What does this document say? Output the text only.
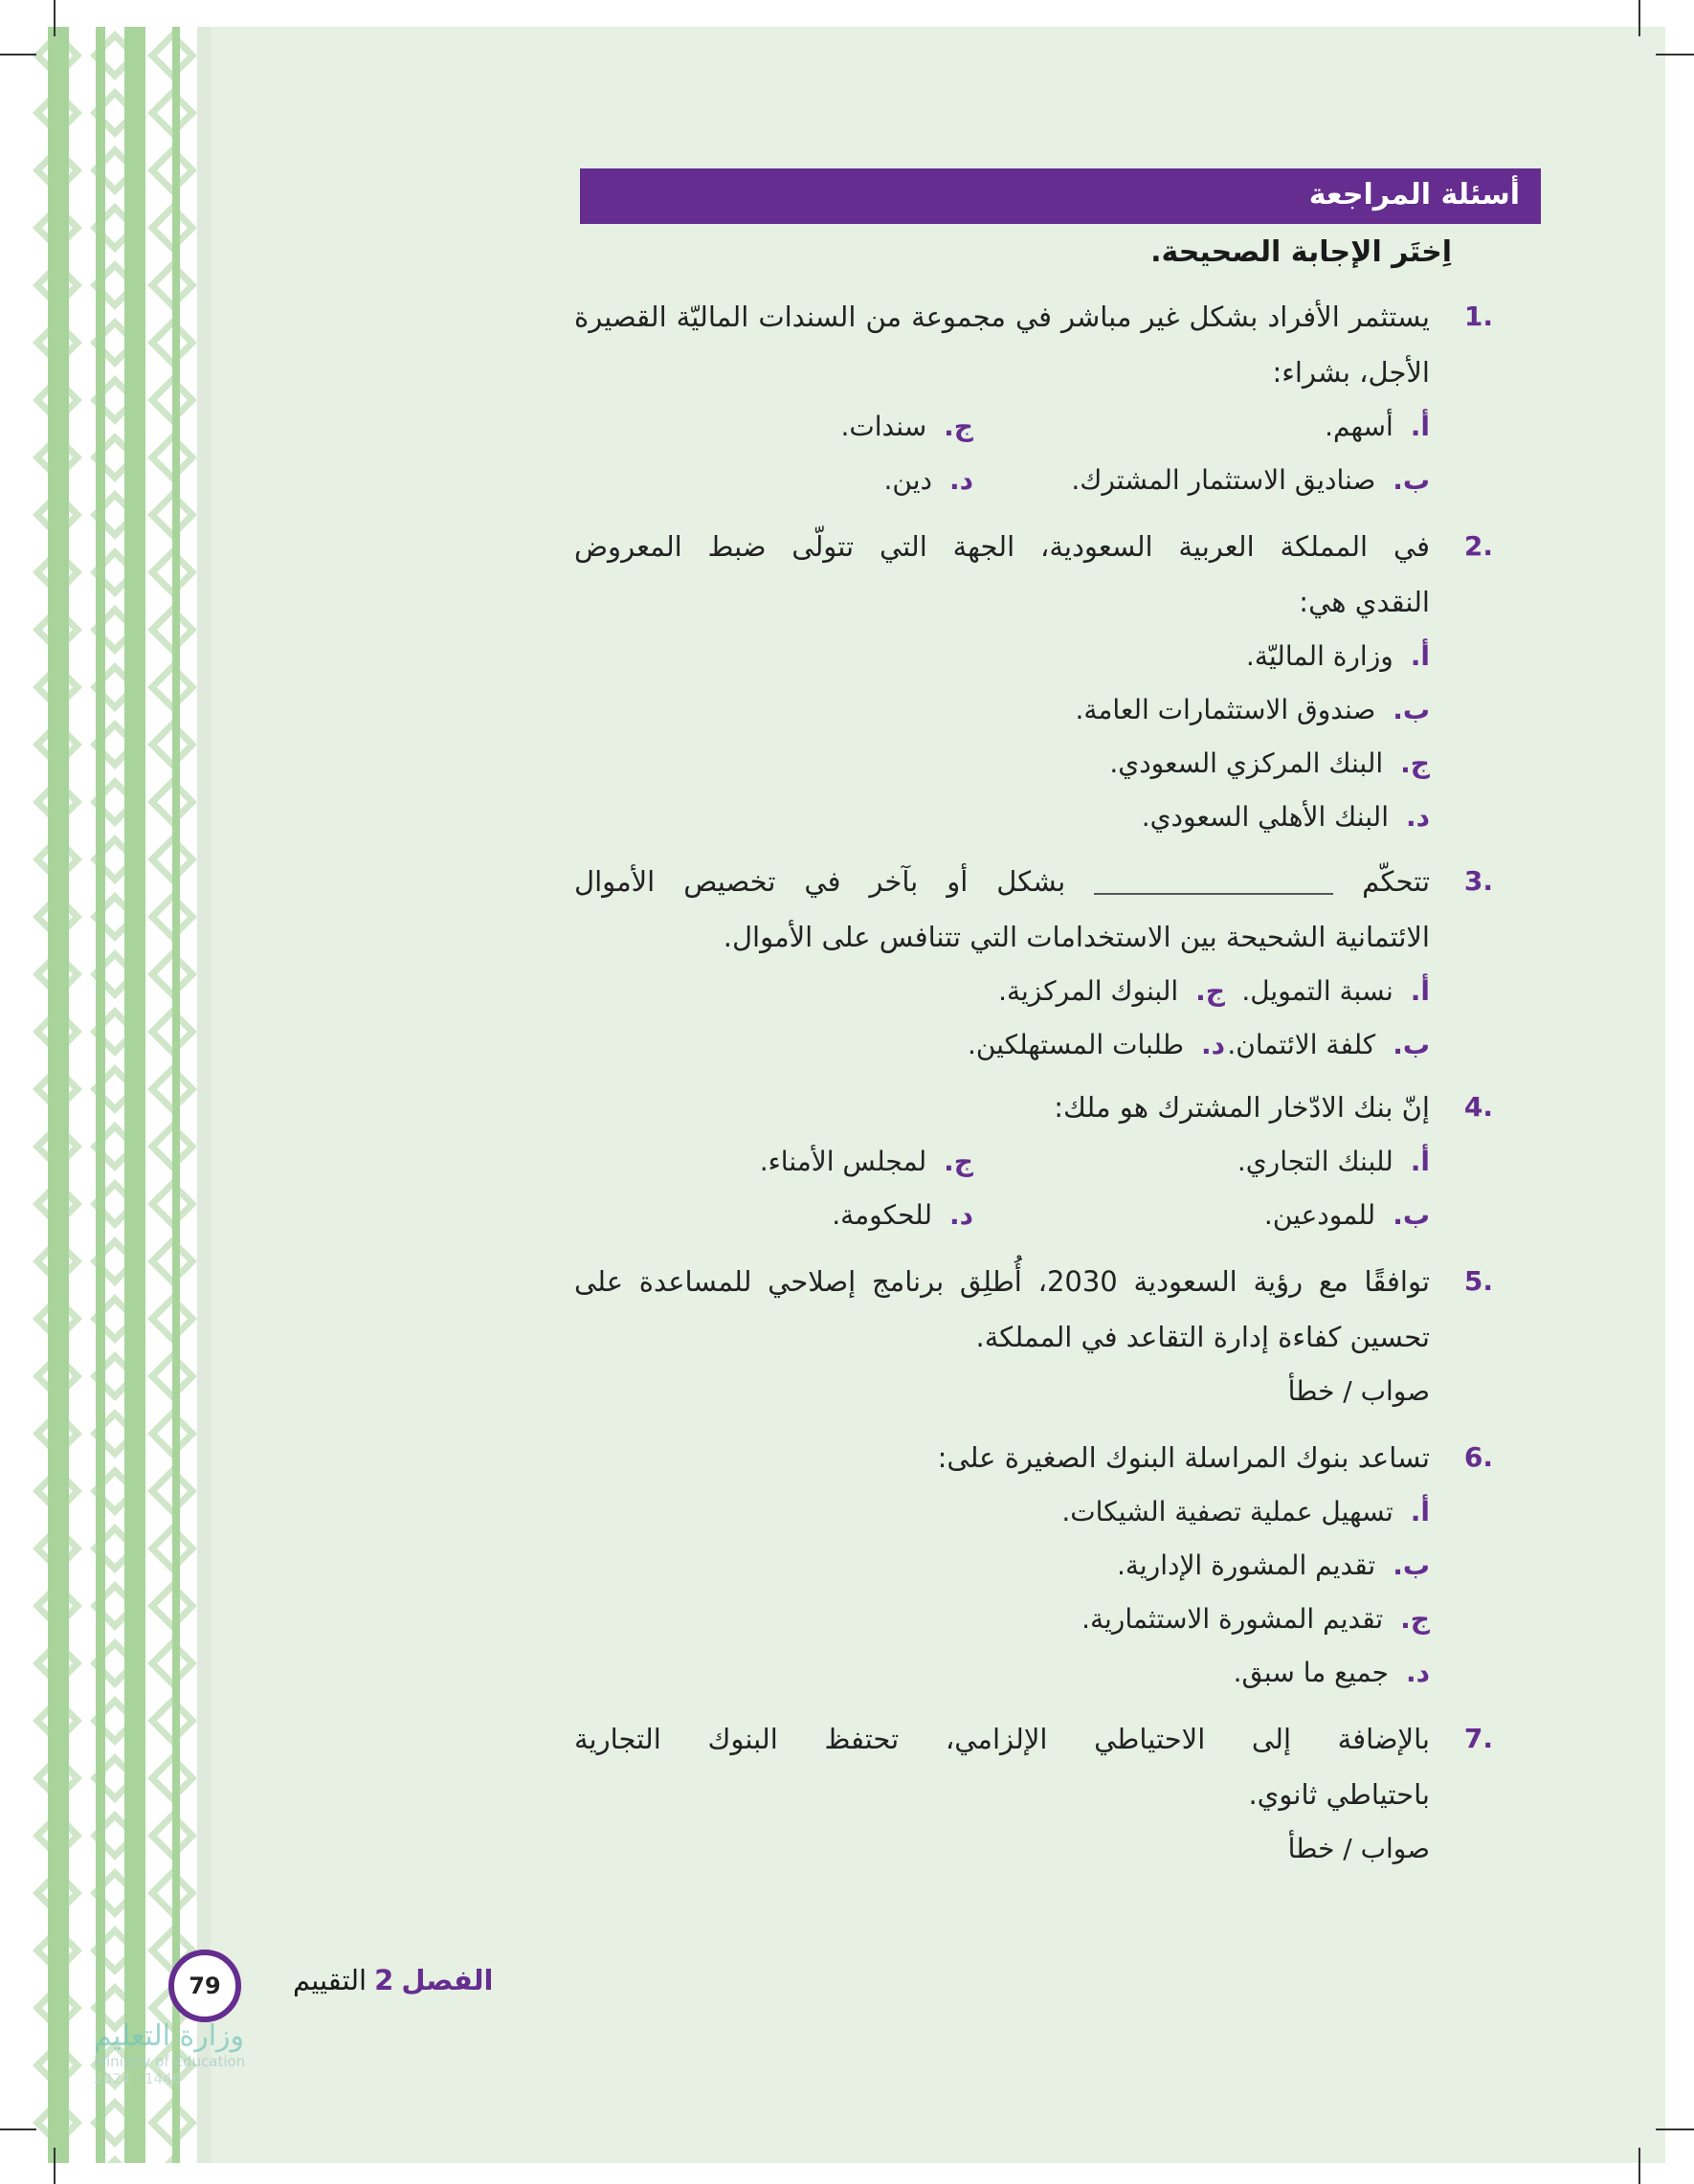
أسئلة المراجعة
اِختَر الإجابة الصحيحة.
.1
يستثمر الأفراد بشكل غير مباشر في مجموعة من السندات الماليّة القصيرة
الأجل، بشراء:
أ.أسهم.
ج.سندات.
ب.صناديق الاستثمار المشترك.
د.دين.
.2
في المملكة العربية السعودية، الجهة التي تتولّى ضبط المعروض
النقدي هي:
أ.وزارة الماليّة.
ب.صندوق الاستثمارات العامة.
ج.البنك المركزي السعودي.
د.البنك الأهلي السعودي.
.3
تتحكّم  بشكل أو بآخر في تخصيص الأموال
الائتمانية الشحيحة بين الاستخدامات التي تتنافس على الأموال.
أ.نسبة التمويل.
ج.البنوك المركزية.
ب.كلفة الائتمان.
د.طلبات المستهلكين.
.4
إنّ بنك الادّخار المشترك هو ملك:
أ.للبنك التجاري.
ج.لمجلس الأمناء.
ب.للمودعين.
د.للحكومة.
.5
توافقًا مع رؤية السعودية 2030، أُطلِق برنامج إصلاحي للمساعدة على
تحسين كفاءة إدارة التقاعد في المملكة.
صواب / خطأ
.6
تساعد بنوك المراسلة البنوك الصغيرة على:
أ.تسهيل عملية تصفية الشيكات.
ب.تقديم المشورة الإدارية.
ج.تقديم المشورة الاستثمارية.
د.جميع ما سبق.
.7
بالإضافة إلى الاحتياطي الإلزامي، تحتفظ البنوك التجارية
باحتياطي ثانوي.
صواب / خطأ
79	الفصل2التقييم
وزارة التعليم
Ministry of Education
2024 - 1446
